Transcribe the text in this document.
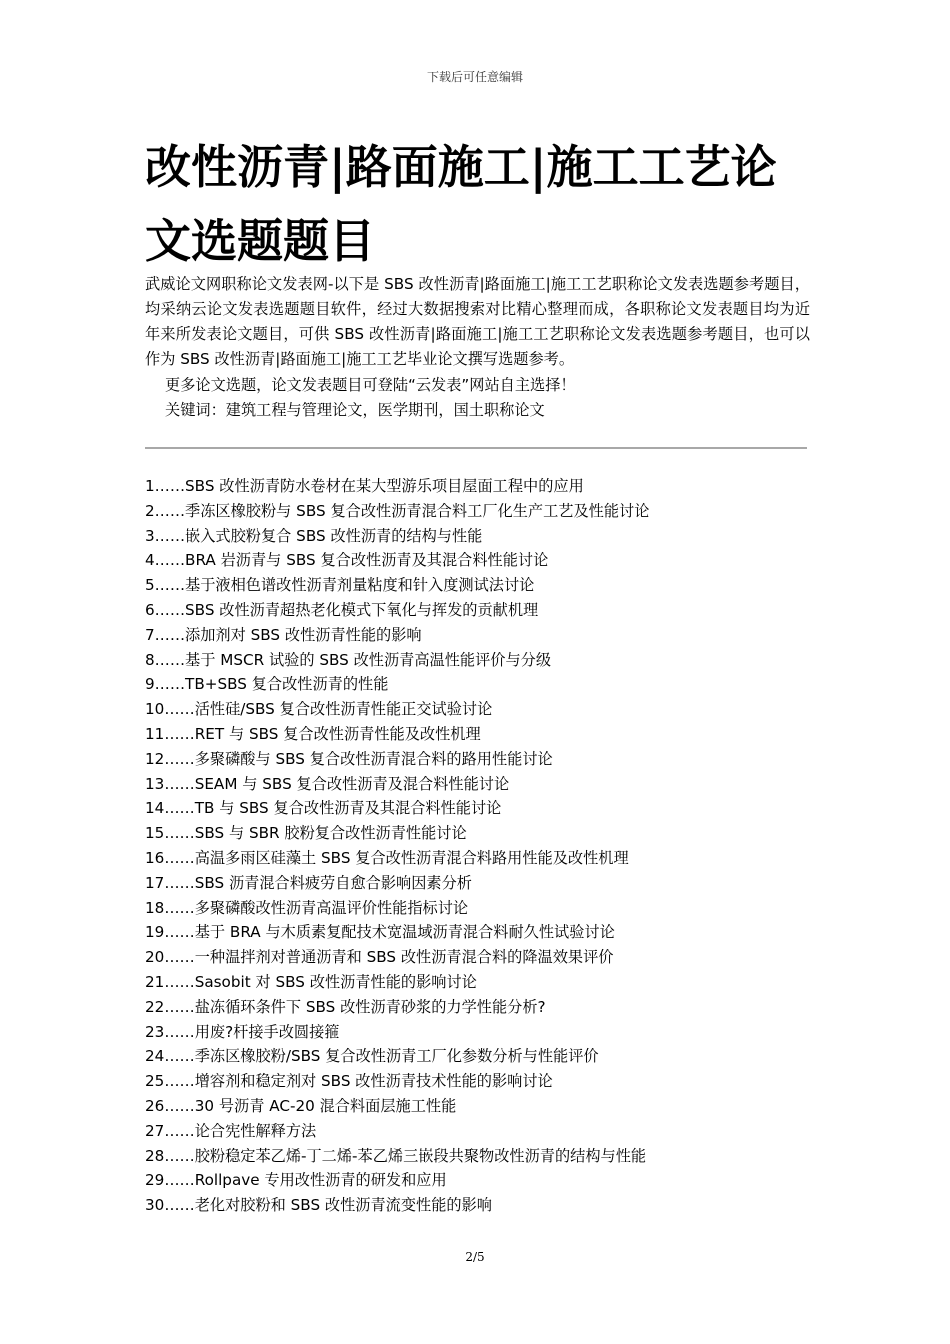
下载后可任意编辑
改性沥青|路面施工|施工工艺论文选题题目

武威论文网职称论文发表网-以下是 SBS 改性沥青|路面施工|施工工艺职称论文发表选题参考题目，均采纳云论文发表选题题目软件，经过大数据搜索对比精心整理而成，各职称论文发表题目均为近年来所发表论文题目，可供 SBS 改性沥青|路面施工|施工工艺职称论文发表选题参考题目，也可以作为 SBS 改性沥青|路面施工|施工工艺毕业论文撰写选题参考。

更多论文选题，论文发表题目可登陆“云发表”网站自主选择！

关键词：建筑工程与管理论文，医学期刊，国土职称论文

1……SBS 改性沥青防水卷材在某大型游乐项目屋面工程中的应用
2……季冻区橡胶粉与 SBS 复合改性沥青混合料工厂化生产工艺及性能讨论
3……嵌入式胶粉复合 SBS 改性沥青的结构与性能
4……BRA 岩沥青与 SBS 复合改性沥青及其混合料性能讨论
5……基于液相色谱改性沥青剂量粘度和针入度测试法讨论
6……SBS 改性沥青超热老化模式下氧化与挥发的贡献机理
7……添加剂对 SBS 改性沥青性能的影响
8……基于 MSCR 试验的 SBS 改性沥青高温性能评价与分级
9……TB+SBS 复合改性沥青的性能
10……活性硅/SBS 复合改性沥青性能正交试验讨论
11……RET 与 SBS 复合改性沥青性能及改性机理
12……多聚磷酸与 SBS 复合改性沥青混合料的路用性能讨论
13……SEAM 与 SBS 复合改性沥青及混合料性能讨论
14……TB 与 SBS 复合改性沥青及其混合料性能讨论
15……SBS 与 SBR 胶粉复合改性沥青性能讨论
16……高温多雨区硅藻土 SBS 复合改性沥青混合料路用性能及改性机理
17……SBS 沥青混合料疲劳自愈合影响因素分析
18……多聚磷酸改性沥青高温评价性能指标讨论
19……基于 BRA 与木质素复配技术宽温域沥青混合料耐久性试验讨论
20……一种温拌剂对普通沥青和 SBS 改性沥青混合料的降温效果评价
21……Sasobit 对 SBS 改性沥青性能的影响讨论
22……盐冻循环条件下 SBS 改性沥青砂浆的力学性能分析?
23……用废?杆接手改圆接箍
24……季冻区橡胶粉/SBS 复合改性沥青工厂化参数分析与性能评价
25……增容剂和稳定剂对 SBS 改性沥青技术性能的影响讨论
26……30 号沥青 AC-20 混合料面层施工性能
27……论合宪性解释方法
28……胶粉稳定苯乙烯-丁二烯-苯乙烯三嵌段共聚物改性沥青的结构与性能
29……Rollpave 专用改性沥青的研发和应用
30……老化对胶粉和 SBS 改性沥青流变性能的影响
2/5
